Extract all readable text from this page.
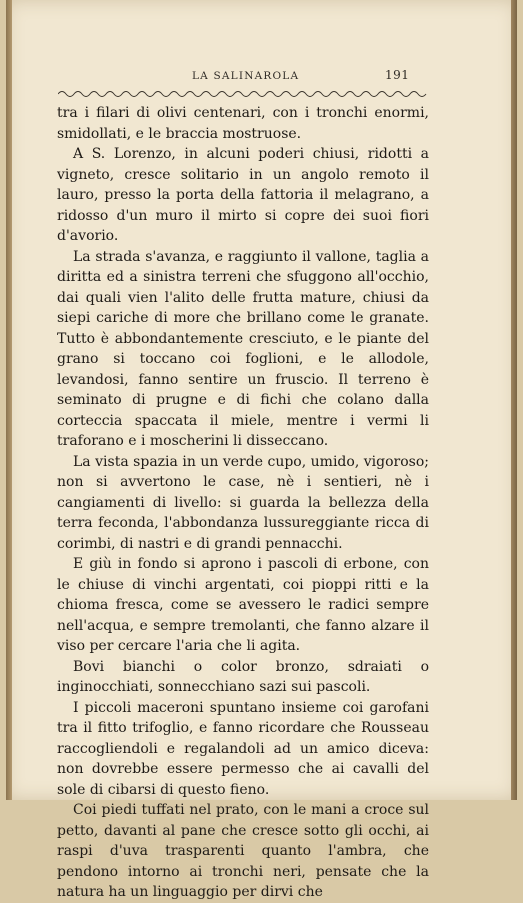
LA SALINAROLA	191

tra i filari di olivi centenari, con i tronchi enormi, smidollati, e le braccia mostruose.

A S. Lorenzo, in alcuni poderi chiusi, ridotti a vigneto, cresce solitario in un angolo remoto il lauro, presso la porta della fattoria il melagrano, a ridosso d'un muro il mirto si copre dei suoi fiori d'avorio.

La strada s'avanza, e raggiunto il vallone, taglia a diritta ed a sinistra terreni che sfuggono all'occhio, dai quali vien l'alito delle frutta mature, chiusi da siepi cariche di more che brillano come le granate. Tutto è abbondantemente cresciuto, e le piante del grano si toccano coi foglioni, e le allodole, levandosi, fanno sentire un fruscio. Il terreno è seminato di prugne e di fichi che colano dalla corteccia spaccata il miele, mentre i vermi li traforano e i moscherini li disseccano.

La vista spazia in un verde cupo, umido, vigoroso; non si avvertono le case, nè i sentieri, nè i cangiamenti di livello: si guarda la bellezza della terra feconda, l'abbondanza lussureggiante ricca di corimbi, di nastri e di grandi pennacchi.

E giù in fondo si aprono i pascoli di erbone, con le chiuse di vinchi argentati, coi pioppi ritti e la chioma fresca, come se avessero le radici sempre nell'acqua, e sempre tremolanti, che fanno alzare il viso per cercare l'aria che li agita.

Bovi bianchi o color bronzo, sdraiati o inginocchiati, sonnecchiano sazi sui pascoli.

I piccoli maceroni spuntano insieme coi garofani tra il fitto trifoglio, e fanno ricordare che Rousseau raccogliendoli e regalandoli ad un amico diceva: non dovrebbe essere permesso che ai cavalli del sole di cibarsi di questo fieno.

Coi piedi tuffati nel prato, con le mani a croce sul petto, davanti al pane che cresce sotto gli occhi, ai raspi d'uva trasparenti quanto l'ambra, che pendono intorno ai tronchi neri, pensate che la natura ha un linguaggio per dirvi che
